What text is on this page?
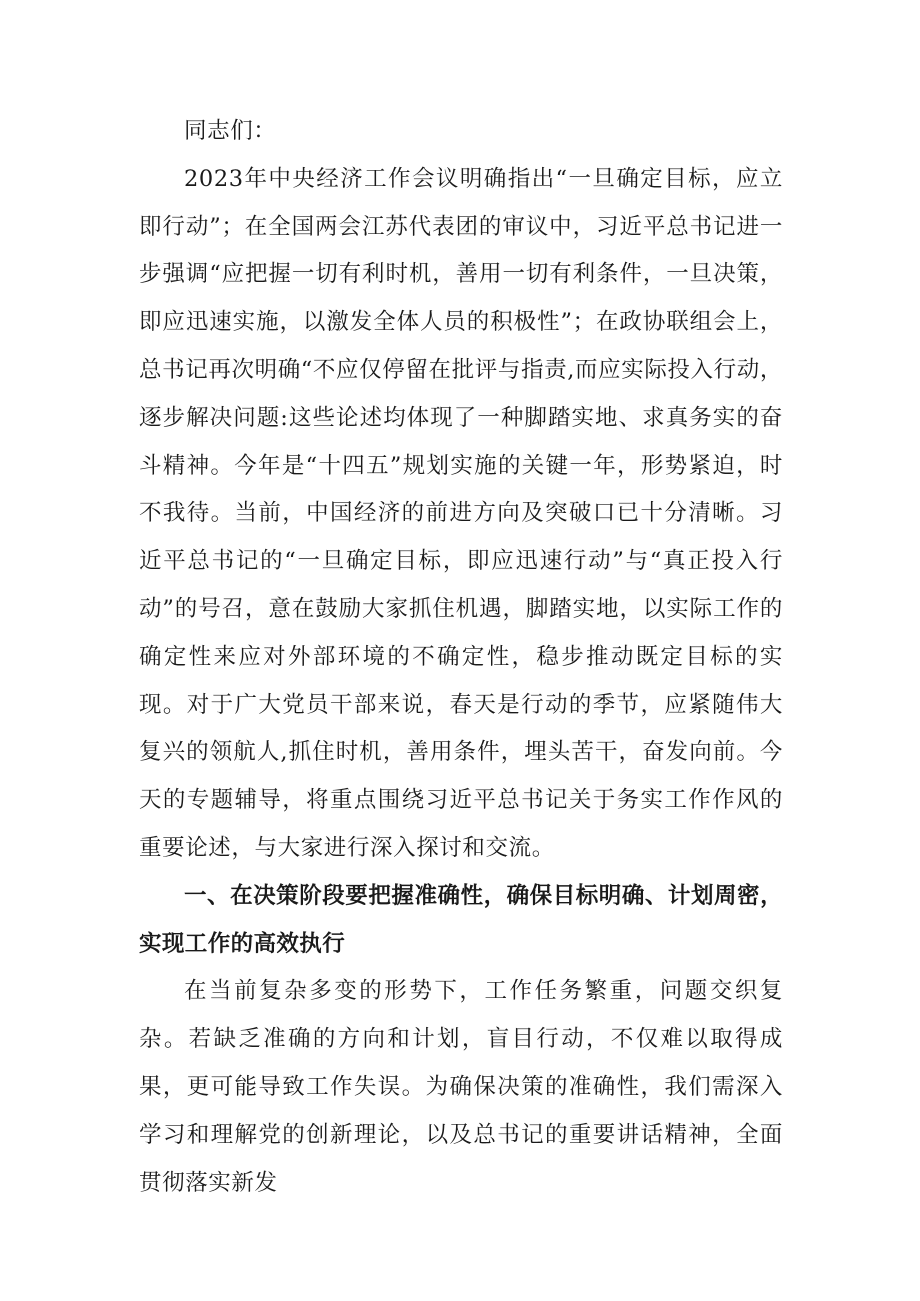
同志们：

2023年中央经济工作会议明确指出“一旦确定目标，应立即行动”；在全国两会江苏代表团的审议中，习近平总书记进一步强调“应把握一切有利时机，善用一切有利条件，一旦决策，即应迅速实施，以激发全体人员的积极性”；在政协联组会上，总书记再次明确“不应仅停留在批评与指责,而应实际投入行动，逐步解决问题:这些论述均体现了一种脚踏实地、求真务实的奋斗精神。今年是“十四五”规划实施的关键一年，形势紧迫，时不我待。当前，中国经济的前进方向及突破口已十分清晰。习近平总书记的“一旦确定目标，即应迅速行动”与“真正投入行动”的号召，意在鼓励大家抓住机遇，脚踏实地，以实际工作的确定性来应对外部环境的不确定性，稳步推动既定目标的实现。对于广大党员干部来说，春天是行动的季节，应紧随伟大复兴的领航人,抓住时机，善用条件，埋头苦干，奋发向前。今天的专题辅导，将重点围绕习近平总书记关于务实工作作风的重要论述，与大家进行深入探讨和交流。

一、在决策阶段要把握准确性，确保目标明确、计划周密，实现工作的高效执行

在当前复杂多变的形势下，工作任务繁重，问题交织复杂。若缺乏准确的方向和计划，盲目行动，不仅难以取得成果，更可能导致工作失误。为确保决策的准确性，我们需深入学习和理解党的创新理论，以及总书记的重要讲话精神，全面贯彻落实新发
